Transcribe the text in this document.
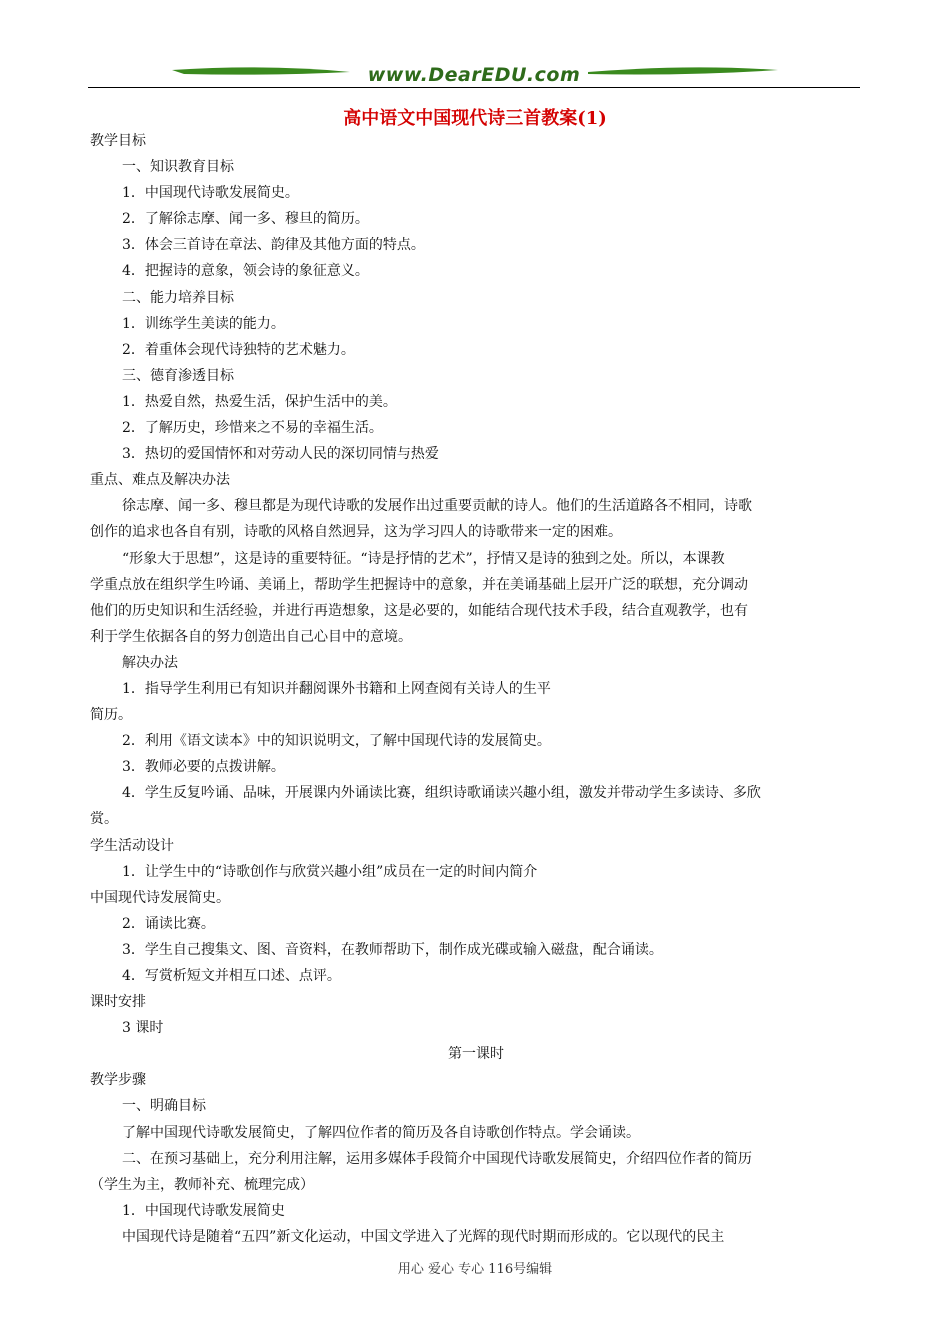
www.DearEDU.com
高中语文中国现代诗三首教案(1)
教学目标
一、知识教育目标
1．中国现代诗歌发展简史。
2．了解徐志摩、闻一多、穆旦的简历。
3．体会三首诗在章法、韵律及其他方面的特点。
4．把握诗的意象，领会诗的象征意义。
二、能力培养目标
1．训练学生美读的能力。
2．着重体会现代诗独特的艺术魅力。
三、德育渗透目标
1．热爱自然，热爱生活，保护生活中的美。
2．了解历史，珍惜来之不易的幸福生活。
3．热切的爱国情怀和对劳动人民的深切同情与热爱
重点、难点及解决办法
徐志摩、闻一多、穆旦都是为现代诗歌的发展作出过重要贡献的诗人。他们的生活道路各不相同，诗歌
创作的追求也各自有别，诗歌的风格自然迥异，这为学习四人的诗歌带来一定的困难。
“形象大于思想”，这是诗的重要特征。“诗是抒情的艺术”，抒情又是诗的独到之处。所以，本课教
学重点放在组织学生吟诵、美诵上，帮助学生把握诗中的意象，并在美诵基础上层开广泛的联想，充分调动
他们的历史知识和生活经验，并进行再造想象，这是必要的，如能结合现代技术手段，结合直观教学，也有
利于学生依据各自的努力创造出自己心目中的意境。
解决办法
1．指导学生利用已有知识并翻阅课外书籍和上网查阅有关诗人的生平
简历。
2．利用《语文读本》中的知识说明文，了解中国现代诗的发展简史。
3．教师必要的点拨讲解。
4．学生反复吟诵、品味，开展课内外诵读比赛，组织诗歌诵读兴趣小组，激发并带动学生多读诗、多欣
赏。
学生活动设计
1．让学生中的“诗歌创作与欣赏兴趣小组”成员在一定的时间内简介
中国现代诗发展简史。
2．诵读比赛。
3．学生自己搜集文、图、音资料，在教师帮助下，制作成光碟或输入磁盘，配合诵读。
4．写赏析短文并相互口述、点评。
课时安排
3 课时
第一课时
教学步骤
一、明确目标
了解中国现代诗歌发展简史，了解四位作者的简历及各自诗歌创作特点。学会诵读。
二、在预习基础上，充分利用注解，运用多媒体手段简介中国现代诗歌发展简史，介绍四位作者的简历
（学生为主，教师补充、梳理完成）
1．中国现代诗歌发展简史
中国现代诗是随着“五四”新文化运动，中国文学进入了光辉的现代时期而形成的。它以现代的民主
用心 爱心 专心 116号编辑
